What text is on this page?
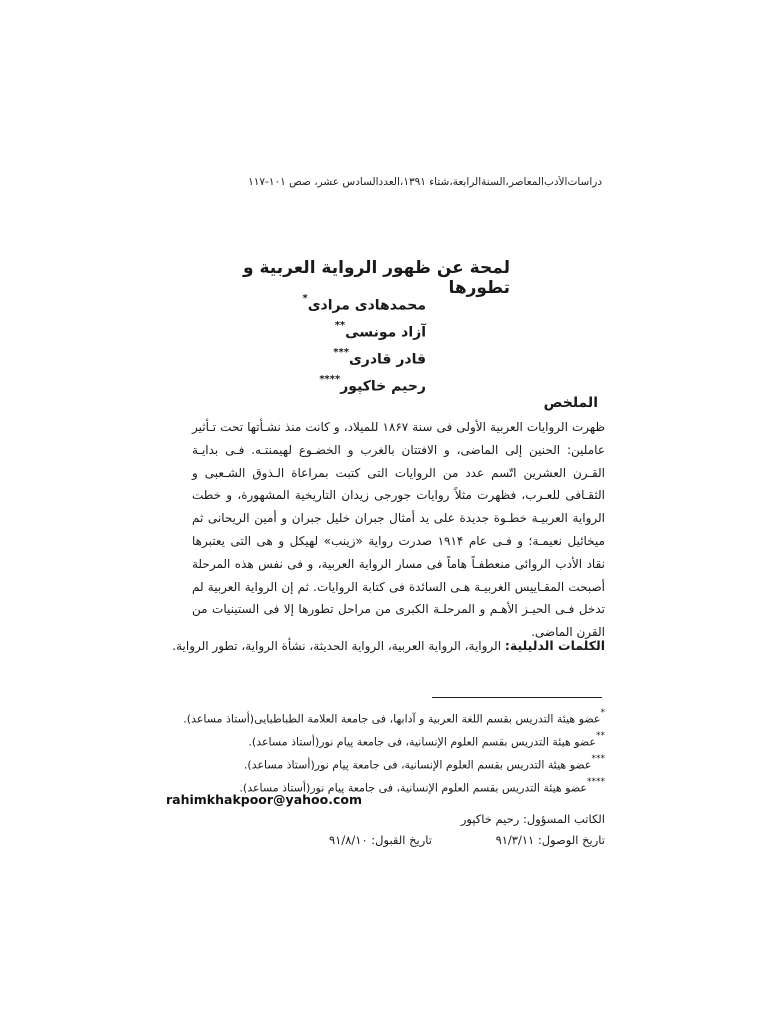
دراسات‌الأدب‌المعاصر،السنة‌الرابعة،شتاء ۱۳۹۱،العددالسادس عشر، صص ۱۰۱-۱۱۷
لمحة عن ظهور الرواية العربية و تطورها
محمدهادی مرادی*
آزاد مونسی**
قادر قادری***
رحیم خاکپور****
الملخص

ظهرت الروایات العربیة الأولی فی سنة ۱۸۶۷ للمیلاد، و کانت منذ نشـأتها تحت تـأثیر عاملین: الحنین إلی الماضی، و الافتتان بالغرب و الخضـوع لهیمنتـه. فـی بدایـة القـرن العشرین اتّسم عدد من الروایات التی کتبت بمراعاة الـذوق الشـعبی و الثقـافی للعـرب، فظهرت مثلاً روایات جورجی زیدان التاریخیة المشهورة، و خطت الروایة العربیـة خطـوة جدیدة علی ید أمثال جبران خلیل جبران و أمین الریحانی ثم میخائیل نعیمـة؛ و فـی عام ۱۹۱۴ صدرت روایة «زینب» لهیکل و هی التی یعتبرها نقاد الأدب الروائی منعطفـاً هاماً فی مسار الروایة العربیة، و فی نفس هذه المرحلة أصبحت المقـاییس الغربیـة هـی السائدة فی کتابة الروایات. ثم إن الروایة العربیة لم تدخل فـی الحیـز الأهـم و المرحلـة الکبری من مراحل تطورها إلا فی الستینیات من القرن الماضی.

الکلمات الدلیلیة: الروایة، الروایة العربیة، الروایة الحدیثة، نشأة الروایة، تطور الروایة.
*عضو هیئة التدریس بقسم اللغة العربیة و آدابها، فی جامعة العلامة الطباطبایی(أستاذ مساعد).
**عضو هیئة التدریس بقسم العلوم الإنسانیة، فی جامعة پیام نور(أستاذ مساعد).
***عضو هیئة التدریس بقسم العلوم الإنسانیة، فی جامعة پیام نور(أستاذ مساعد).
****عضو هیئة التدریس بقسم العلوم الإنسانیة، فی جامعة پیام نور(أستاذ مساعد).
rahimkhakpoor@yahoo.com
الکاتب المسؤول: رحیم خاکپور
تاریخ الوصول: ۹۱/۳/۱۱
تاریخ القبول: ۹۱/۸/۱۰
